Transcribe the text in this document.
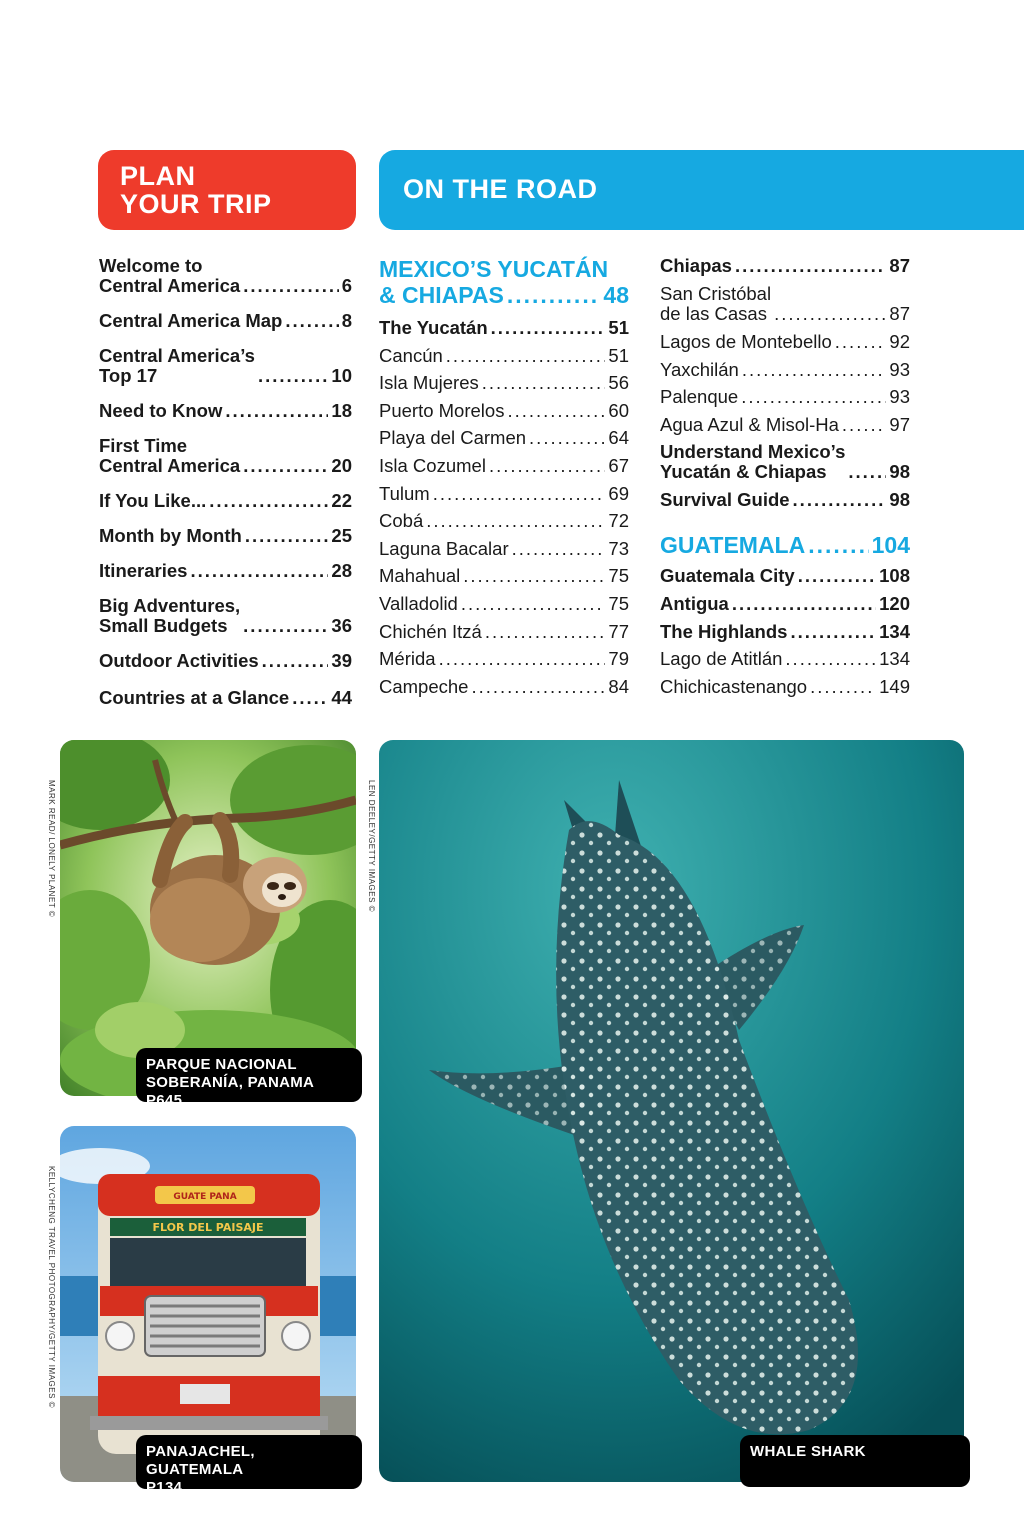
PLAN
YOUR TRIP	ON THE ROAD
Welcome to
Central America .....	6
Central America Map .....	8
Central America’s
Top 17 .....	10
Need to Know .....	18
First Time
Central America .....	20
If You Like... .....	22
Month by Month .....	25
Itineraries .....	28
Big Adventures,
Small Budgets .....	36
Outdoor Activities .....	39
Countries at a Glance ..... 44
MEXICO’S YUCATÁN
& CHIAPAS .....	48
The Yucatán .....	51
Cancún .....	51
Isla Mujeres .....	56
Puerto Morelos .....	60
Playa del Carmen .....	64
Isla Cozumel .....	67
Tulum .....	69
Cobá .....	72
Laguna Bacalar .....	73
Mahahual .....	75
Valladolid .....	75
Chichén Itzá .....	77
Mérida .....	79
Campeche .....	84
Chiapas .....	87
San Cristóbal
de las Casas .....	87
Lagos de Montebello .....	92
Yaxchilán .....	93
Palenque .....	93
Agua Azul & Misol-Ha .....	97
Understand Mexico’s
Yucatán & Chiapas .....	98
Survival Guide .....	98
GUATEMALA .....	104
Guatemala City .....	108
Antigua .....	120
The Highlands .....	134
Lago de Atitlán .....	134
Chichicastenango .....	149
MARK READ/ LONELY PLANET ©
PARQUE NACIONAL
SOBERANÍA, PANAMA P645
GUATE PANA
FLOR DEL PAISAJE
KELLYCHENG TRAVEL PHOTOGRAPHY/GETTY IMAGES ©
PANAJACHEL, GUATEMALA
P134
LEN DEELEY/GETTY IMAGES ©
WHALE SHARK
